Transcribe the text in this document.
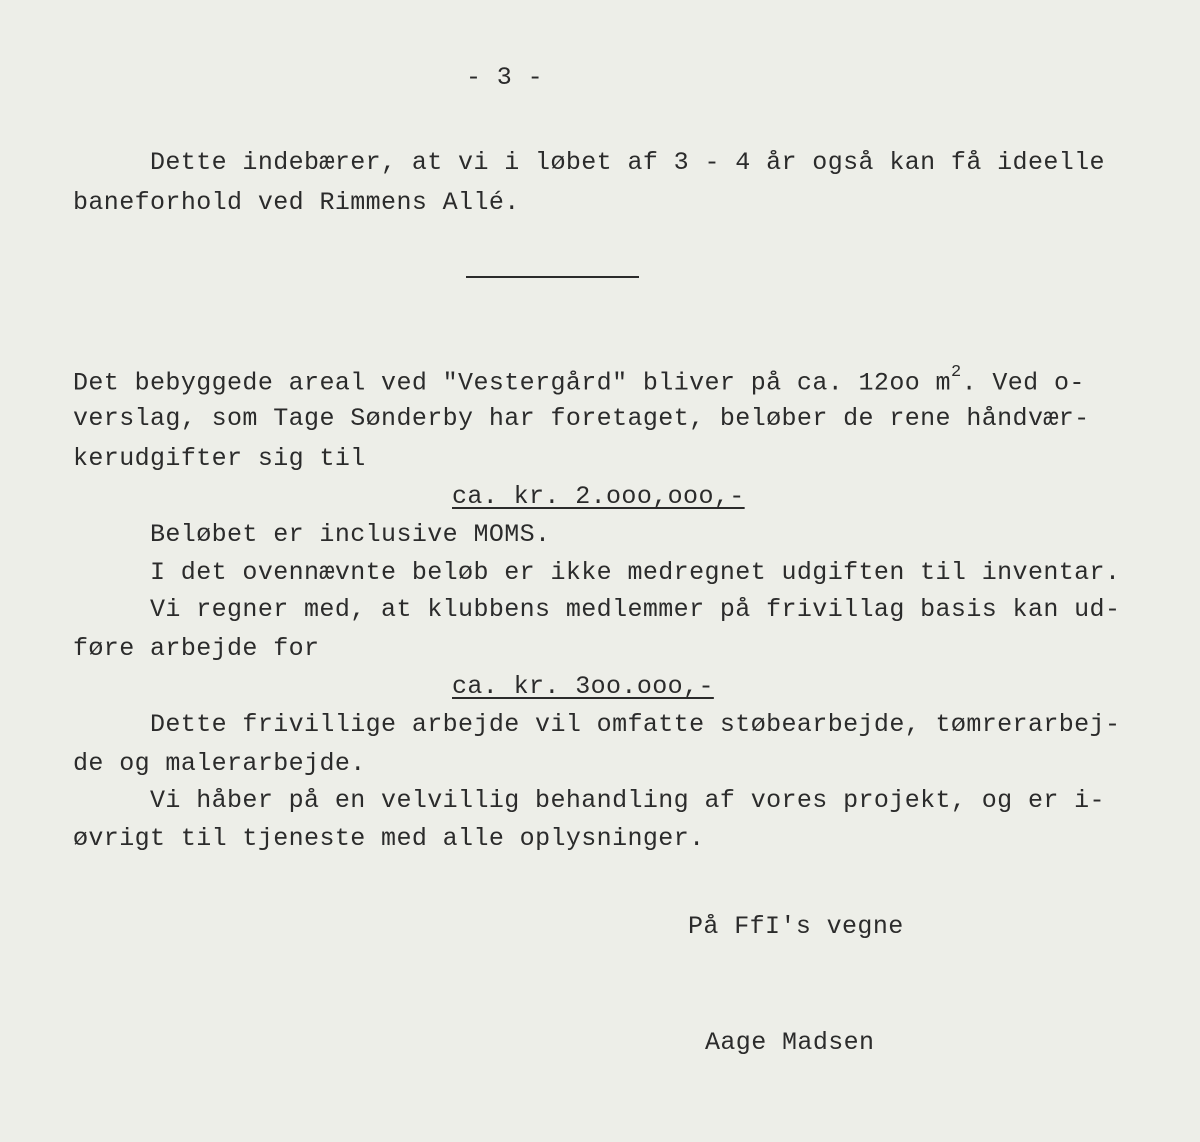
- 3 -
Dette indebærer, at vi i løbet af 3 - 4 år også kan få ideelle
baneforhold ved Rimmens Allé.
Det bebyggede areal ved "Vestergård" bliver på ca. 12oo $m^2$. Ved o-
verslag, som Tage Sønderby har foretaget, beløber de rene håndvær-
kerudgifter sig til
ca. kr. 2.ooo,ooo,-
Beløbet er inclusive MOMS.
I det ovennævnte beløb er ikke medregnet udgiften til inventar.
Vi regner med, at klubbens medlemmer på frivillag basis kan ud-
føre arbejde for
ca. kr. 3oo.ooo,-
Dette frivillige arbejde vil omfatte støbearbejde, tømrerarbej-
de og malerarbejde.
Vi håber på en velvillig behandling af vores projekt, og er i-
øvrigt til tjeneste med alle oplysninger.
På FfI's vegne
Aage Madsen
